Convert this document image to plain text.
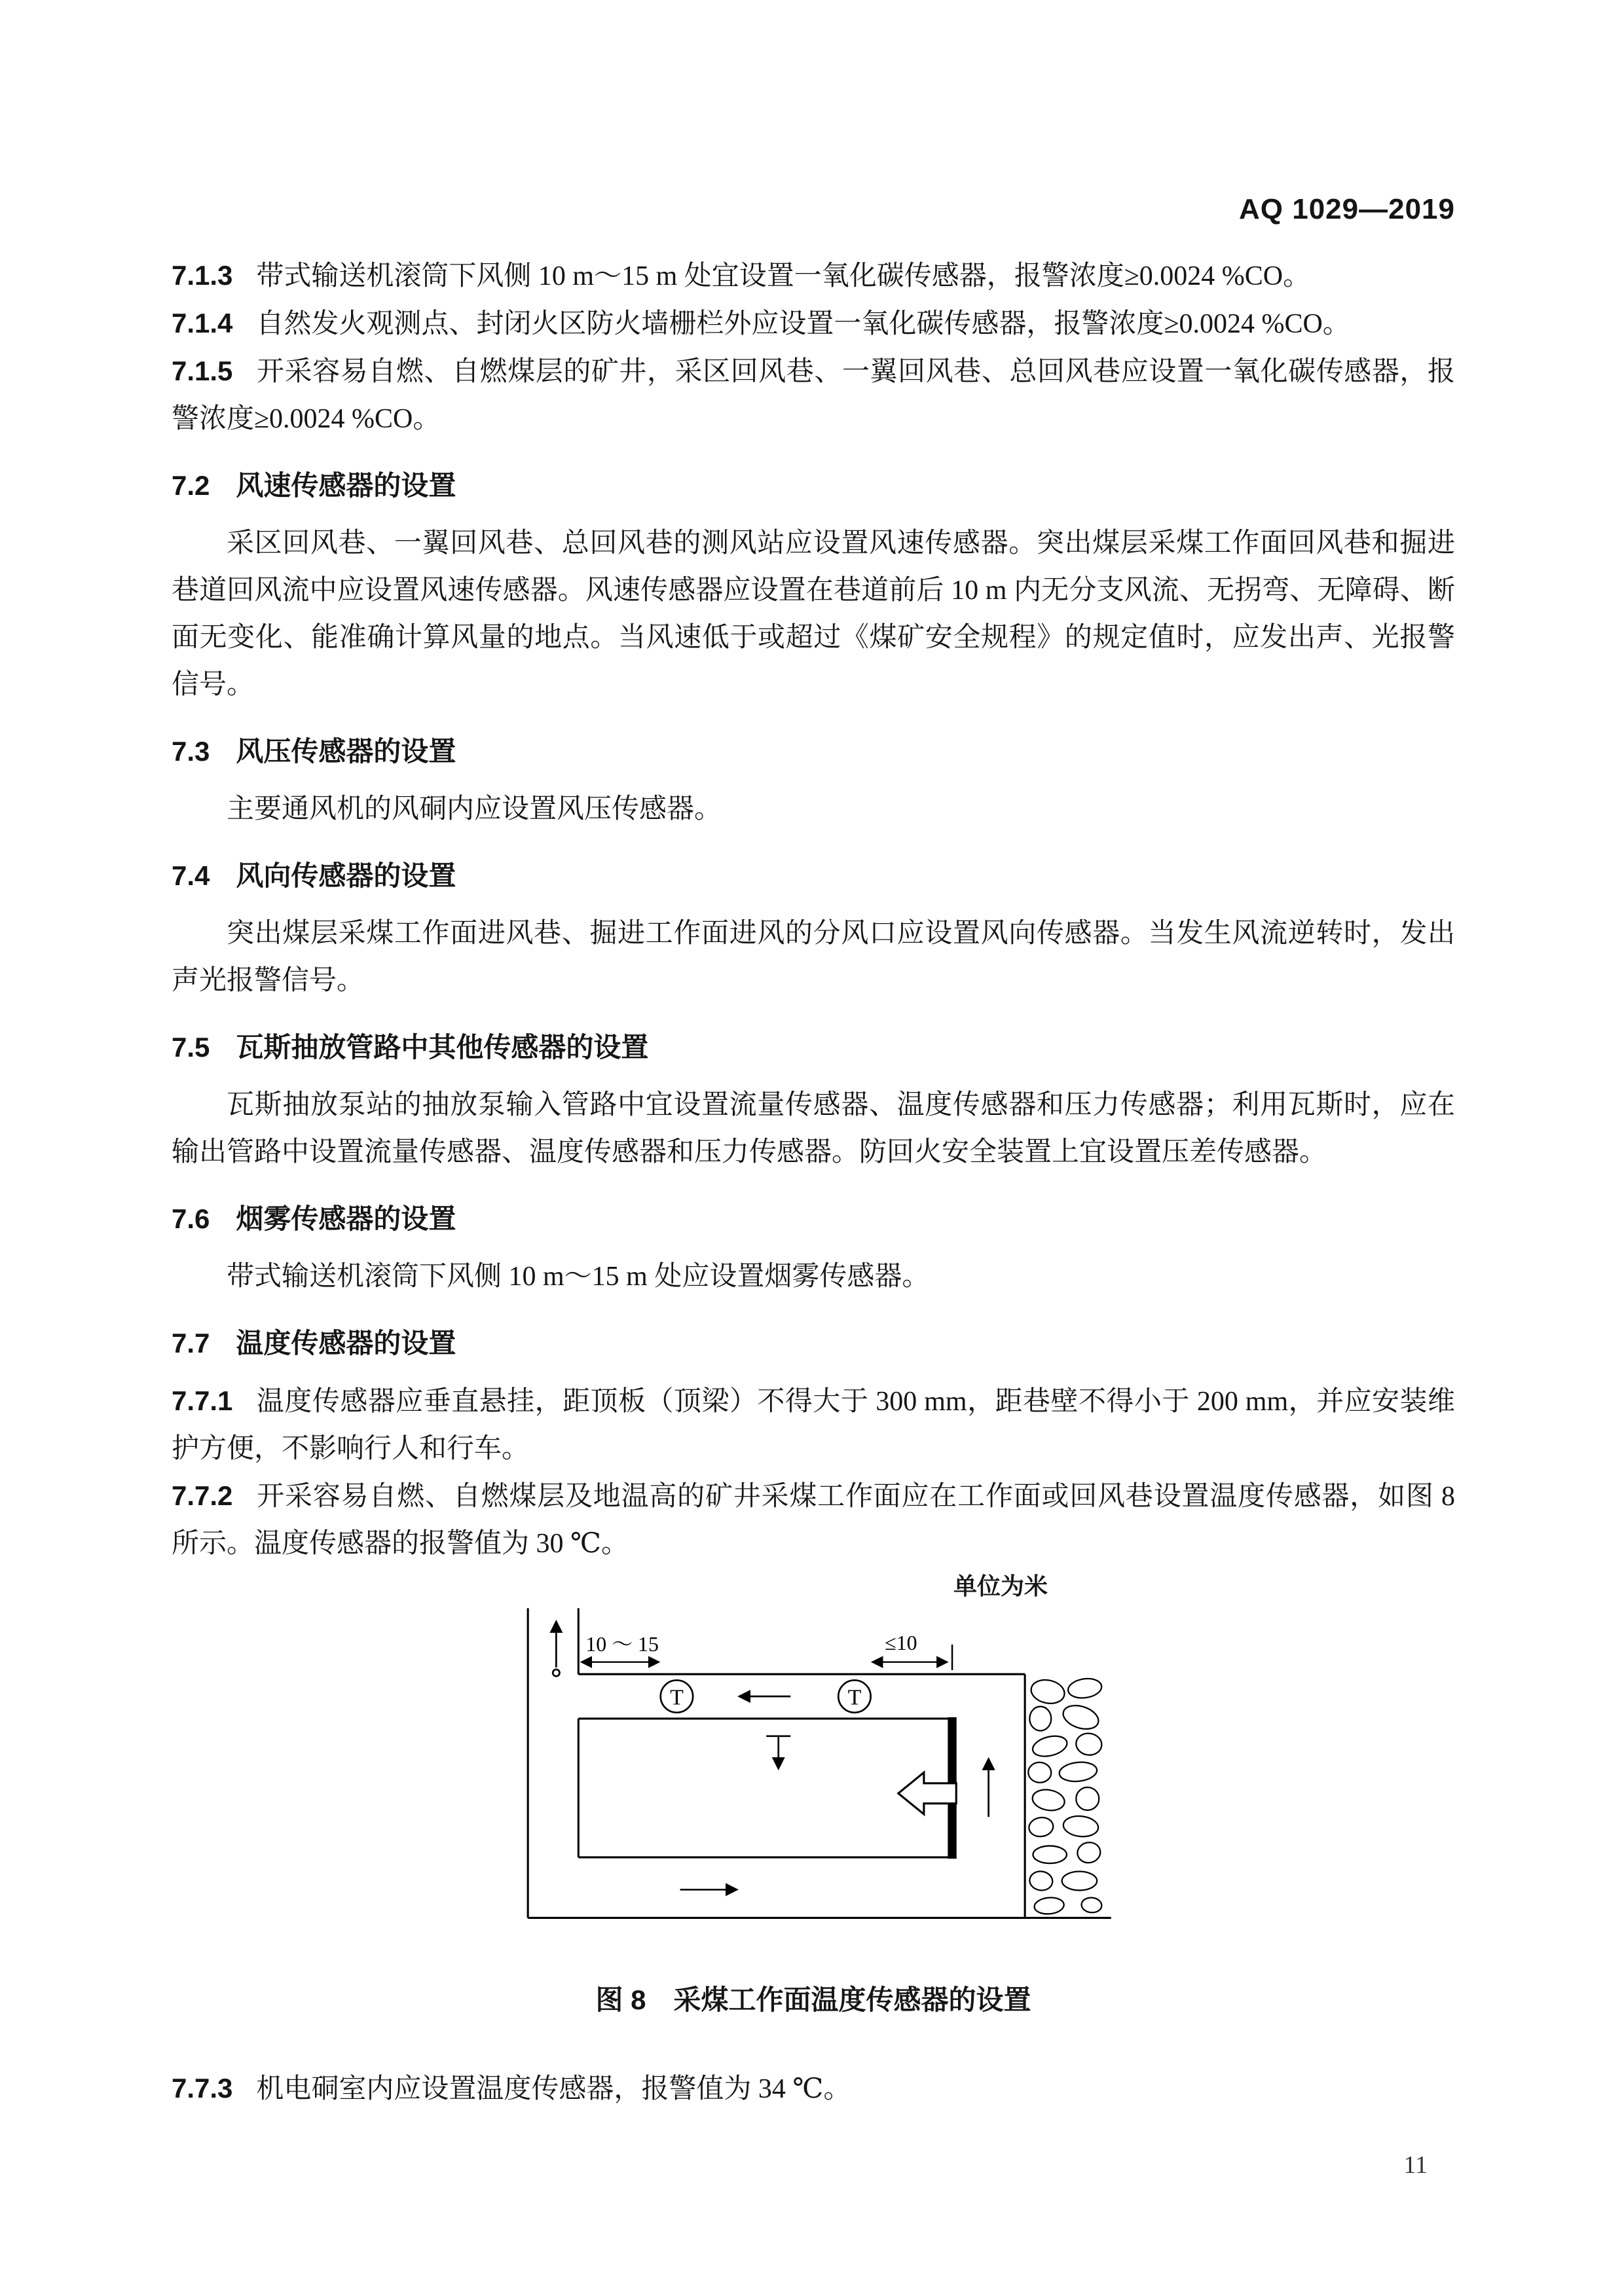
AQ 1029—2019

7.1.3 带式输送机滚筒下风侧 10 m～15 m 处宜设置一氧化碳传感器，报警浓度≥0.0024 %CO。

7.1.4 自然发火观测点、封闭火区防火墙栅栏外应设置一氧化碳传感器，报警浓度≥0.0024 %CO。

7.1.5 开采容易自燃、自燃煤层的矿井，采区回风巷、一翼回风巷、总回风巷应设置一氧化碳传感器，报警浓度≥0.0024 %CO。

7.2 风速传感器的设置

采区回风巷、一翼回风巷、总回风巷的测风站应设置风速传感器。突出煤层采煤工作面回风巷和掘进巷道回风流中应设置风速传感器。风速传感器应设置在巷道前后 10 m 内无分支风流、无拐弯、无障碍、断面无变化、能准确计算风量的地点。当风速低于或超过《煤矿安全规程》的规定值时，应发出声、光报警信号。

7.3 风压传感器的设置

主要通风机的风硐内应设置风压传感器。

7.4 风向传感器的设置

突出煤层采煤工作面进风巷、掘进工作面进风的分风口应设置风向传感器。当发生风流逆转时，发出声光报警信号。

7.5 瓦斯抽放管路中其他传感器的设置

瓦斯抽放泵站的抽放泵输入管路中宜设置流量传感器、温度传感器和压力传感器；利用瓦斯时，应在输出管路中设置流量传感器、温度传感器和压力传感器。防回火安全装置上宜设置压差传感器。

7.6 烟雾传感器的设置

带式输送机滚筒下风侧 10 m～15 m 处应设置烟雾传感器。

7.7 温度传感器的设置

7.7.1 温度传感器应垂直悬挂，距顶板（顶梁）不得大于 300 mm，距巷壁不得小于 200 mm，并应安装维护方便，不影响行人和行车。

7.7.2 开采容易自燃、自燃煤层及地温高的矿井采煤工作面应在工作面或回风巷设置温度传感器，如图 8 所示。温度传感器的报警值为 30 ℃。

单位为米
10 ～ 15	≤10
T	T
图 8 采煤工作面温度传感器的设置

7.7.3 机电硐室内应设置温度传感器，报警值为 34 ℃。

11
